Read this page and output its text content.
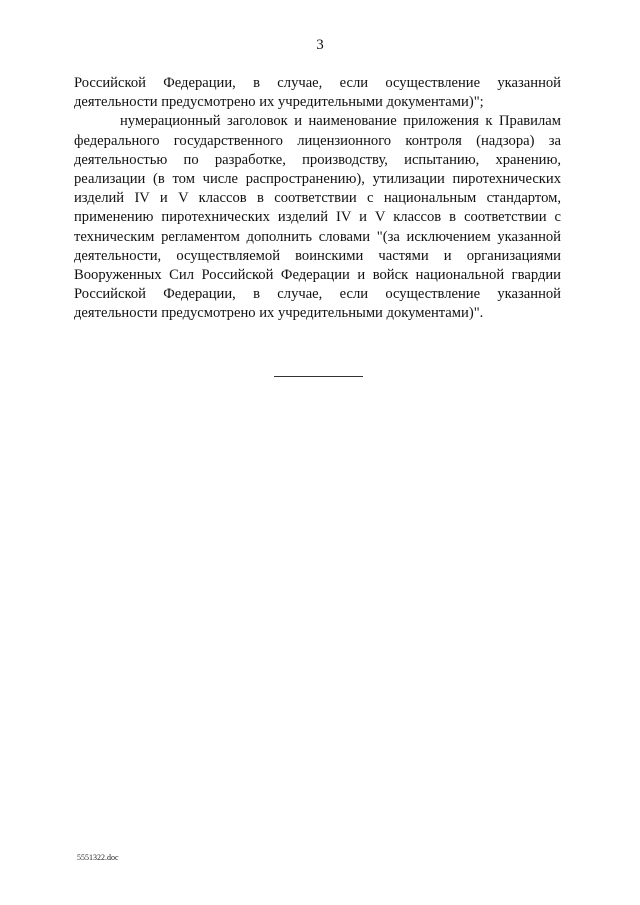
3

Российской Федерации, в случае, если осуществление указанной деятельности предусмотрено их учредительными документами)";

нумерационный заголовок и наименование приложения к Правилам федерального государственного лицензионного контроля (надзора) за деятельностью по разработке, производству, испытанию, хранению, реализации (в том числе распространению), утилизации пиротехнических изделий IV и V классов в соответствии с национальным стандартом, применению пиротехнических изделий IV и V классов в соответствии с техническим регламентом дополнить словами "(за исключением указанной деятельности, осуществляемой воинскими частями и организациями Вооруженных Сил Российской Федерации и войск национальной гвардии Российской Федерации, в случае, если осуществление указанной деятельности предусмотрено их учредительными документами)".

5551322.doc
